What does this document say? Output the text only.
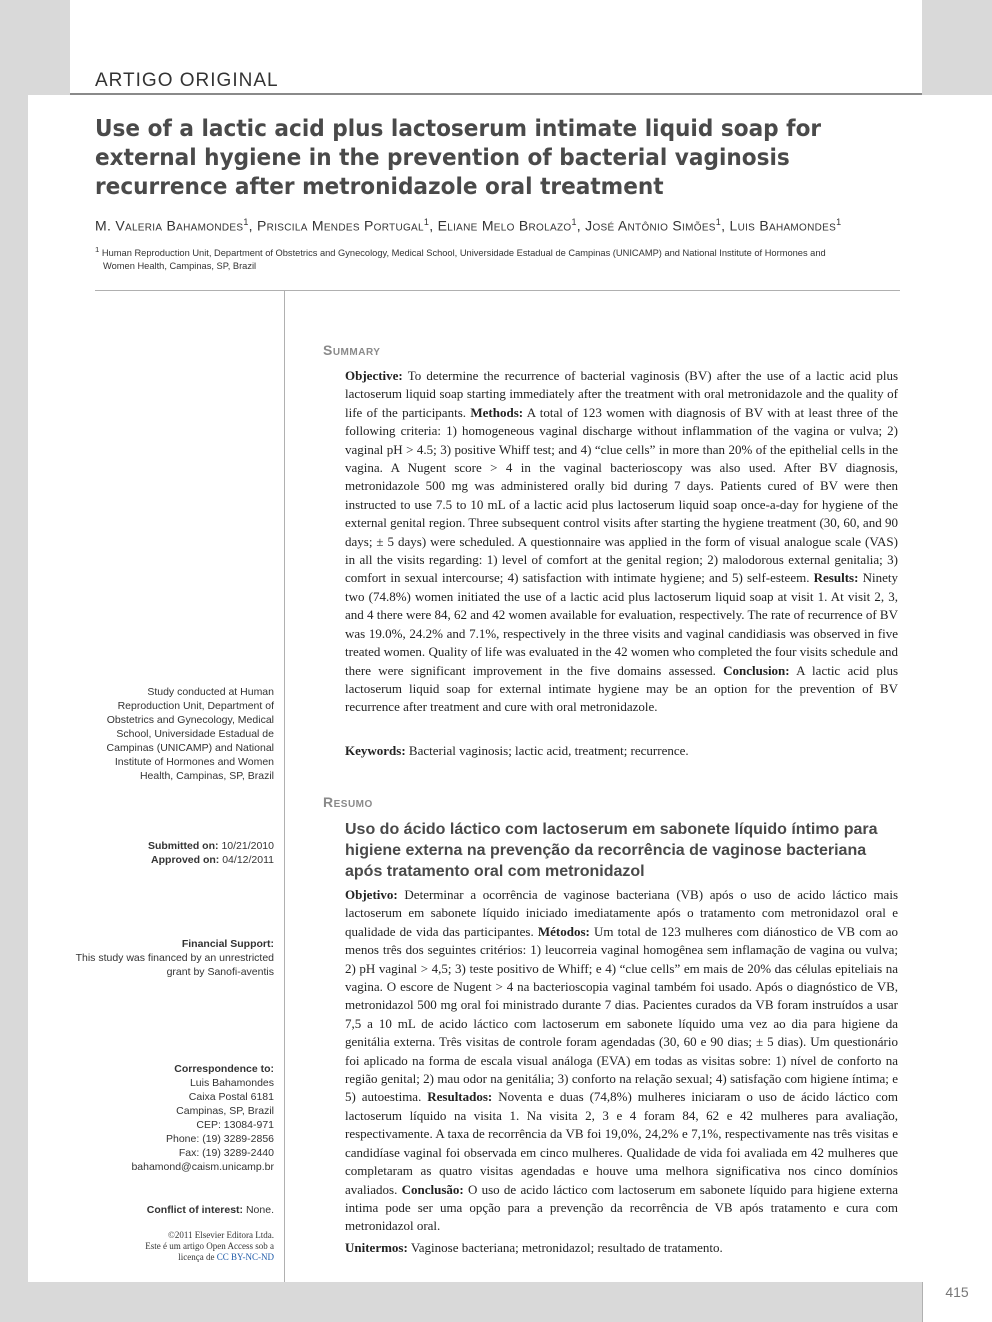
ARTIGO ORIGINAL
Use of a lactic acid plus lactoserum intimate liquid soap for external hygiene in the prevention of bacterial vaginosis recurrence after metronidazole oral treatment
M. Valeria Bahamondes$^1$, Priscila Mendes Portugal$^1$, Eliane Melo Brolazo$^1$, José Antônio Simões$^1$, Luis Bahamondes$^1$
$^1$ Human Reproduction Unit, Department of Obstetrics and Gynecology, Medical School, Universidade Estadual de Campinas (UNICAMP) and National Institute of Hormones and
Women Health, Campinas, SP, Brazil
Study conducted at Human Reproduction Unit, Department of Obstetrics and Gynecology, Medical School, Universidade Estadual de Campinas (UNICAMP) and National Institute of Hormones and Women Health, Campinas, SP, Brazil
Submitted on: 10/21/2010
Approved on: 04/12/2011
Financial Support:
This study was financed by an unrestricted grant by Sanofi-aventis
Correspondence to:
Luis Bahamondes
Caixa Postal 6181
Campinas, SP, Brazil
CEP: 13084-971
Phone: (19) 3289-2856
Fax: (19) 3289-2440
bahamond@caism.unicamp.br
Conflict of interest: None.
©2011 Elsevier Editora Ltda.
Este é um artigo Open Access sob a
licença de CC BY-NC-ND
Summary

Objective: To determine the recurrence of bacterial vaginosis (BV) after the use of a lactic acid plus lactoserum liquid soap starting immediately after the treatment with oral metronidazole and the quality of life of the participants. Methods: A total of 123 women with diagnosis of BV with at least three of the following criteria: 1) homogeneous vaginal discharge without inflammation of the vagina or vulva; 2) vaginal pH > 4.5; 3) positive Whiff test; and 4) “clue cells” in more than 20% of the epithelial cells in the vagina. A Nugent score > 4 in the vaginal bacterioscopy was also used. After BV diagnosis, metronidazole 500 mg was administered orally bid during 7 days. Patients cured of BV were then instructed to use 7.5 to 10 mL of a lactic acid plus lactoserum liquid soap once-a-day for hygiene of the external genital region. Three subsequent control visits after starting the hygiene treatment (30, 60, and 90 days; ± 5 days) were scheduled. A questionnaire was applied in the form of visual analogue scale (VAS) in all the visits regarding: 1) level of comfort at the genital region; 2) malodorous external genitalia; 3) comfort in sexual intercourse; 4) satisfaction with intimate hygiene; and 5) self-esteem. Results: Ninety two (74.8%) women initiated the use of a lactic acid plus lactoserum liquid soap at visit 1. At visit 2, 3, and 4 there were 84, 62 and 42 women available for evaluation, respectively. The rate of recurrence of BV was 19.0%, 24.2% and 7.1%, respectively in the three visits and vaginal candidiasis was observed in five treated women. Quality of life was evaluated in the 42 women who completed the four visits schedule and there were significant improvement in the five domains assessed. Conclusion: A lactic acid plus lactoserum liquid soap for external intimate hygiene may be an option for the prevention of BV recurrence after treatment and cure with oral metronidazole.

Keywords: Bacterial vaginosis; lactic acid, treatment; recurrence.

Resumo
Uso do ácido láctico com lactoserum em sabonete líquido íntimo para higiene externa na prevenção da recorrência de vaginose bacteriana após tratamento oral com metronidazol

Objetivo: Determinar a ocorrência de vaginose bacteriana (VB) após o uso de acido láctico mais lactoserum em sabonete líquido iniciado imediatamente após o tratamento com metronidazol oral e qualidade de vida das participantes. Métodos: Um total de 123 mulheres com diánostico de VB com ao menos três dos seguintes critérios: 1) leucorreia vaginal homogênea sem inflamação de vagina ou vulva; 2) pH vaginal > 4,5; 3) teste positivo de Whiff; e 4) “clue cells” em mais de 20% das células epiteliais na vagina. O escore de Nugent > 4 na bacterioscopia vaginal também foi usado. Após o diagnóstico de VB, metronidazol 500 mg oral foi ministrado durante 7 dias. Pacientes curados da VB foram instruídos a usar 7,5 a 10 mL de acido láctico com lactoserum em sabonete líquido uma vez ao dia para higiene da genitália externa. Três visitas de controle foram agendadas (30, 60 e 90 dias; ± 5 dias). Um questionário foi aplicado na forma de escala visual análoga (EVA) em todas as visitas sobre: 1) nível de conforto na região genital; 2) mau odor na genitália; 3) conforto na relação sexual; 4) satisfação com higiene íntima; e 5) autoestima. Resultados: Noventa e duas (74,8%) mulheres iniciaram o uso de ácido láctico com lactoserum líquido na visita 1. Na visita 2, 3 e 4 foram 84, 62 e 42 mulheres para avaliação, respectivamente. A taxa de recorrência da VB foi 19,0%, 24,2% e 7,1%, respectivamente nas três visitas e candidíase vaginal foi observada em cinco mulheres. Qualidade de vida foi avaliada em 42 mulheres que completaram as quatro visitas agendadas e houve uma melhora significativa nos cinco domínios avaliados. Conclusão: O uso de acido láctico com lactoserum em sabonete líquido para higiene externa intima pode ser uma opção para a prevenção da recorrência de VB após tratamento e cura com metronidazol oral.

Unitermos: Vaginose bacteriana; metronidazol; resultado de tratamento.

415
